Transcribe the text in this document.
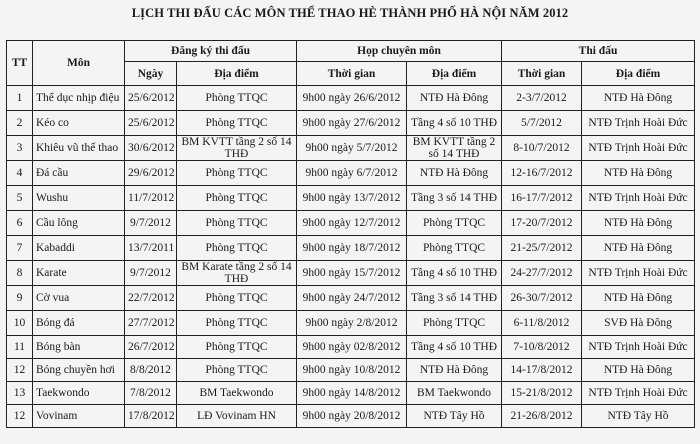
LỊCH THI ĐẤU CÁC MÔN THỂ THAO HÈ THÀNH PHỐ HÀ NỘI NĂM 2012
TT	Môn	Đăng ký thi đấu		Họp chuyên môn		Thi đấu	
		Ngày	Địa điểm	Thời gian	Địa điểm	Thời gian	Địa điểm
1	Thể dục nhịp điệu	25/6/2012	Phòng TTQC	9h00 ngày 26/6/2012	NTĐ Hà Đông	2-3/7/2012	NTĐ Hà Đông
2	Kéo co	25/6/2012	Phòng TTQC	9h00 ngày 27/6/2012	Tầng 4 số 10 THĐ	5/7/2012	NTĐ Trịnh Hoài Đức
3	Khiêu vũ thể thao	30/6/2012	BM KVTT tầng 2 số 14 THĐ	9h00 ngày 5/7/2012	BM KVTT tầng 2 số 14 THĐ	8-10/7/2012	NTĐ Trịnh Hoài Đức
4	Đá cầu	29/6/2012	Phòng TTQC	9h00 ngày 6/7/2012	NTĐ Hà Đông	12-16/7/2012	NTĐ Hà Đông
5	Wushu	11/7/2012	Phòng TTQC	9h00 ngày 13/7/2012	Tầng 3 số 14 THĐ	16-17/7/2012	NTĐ Trịnh Hoài Đức
6	Cầu lông	9/7/2012	Phòng TTQC	9h00 ngày 12/7/2012	Phòng TTQC	17-20/7/2012	NTĐ Hà Đông
7	Kabaddi	13/7/2011	Phòng TTQC	9h00 ngày 18/7/2012	Phòng TTQC	21-25/7/2012	NTĐ Hà Đông
8	Karate	9/7/2012	BM Karate tầng 2 số 14 THĐ	9h00 ngày 15/7/2012	Tầng 4 số 10 THĐ	24-27/7/2012	NTĐ Trịnh Hoài Đức
9	Cờ vua	22/7/2012	Phòng TTQC	9h00 ngày 24/7/2012	Tầng 3 số 14 THĐ	26-30/7/2012	NTĐ Hà Đông
10	Bóng đá	27/7/2012	Phòng TTQC	9h00 ngày 2/8/2012	Phòng TTQC	6-11/8/2012	SVĐ Hà Đông
11	Bóng bàn	26/7/2012	Phòng TTQC	9h00 ngày 02/8/2012	Tầng 4 số 10 THĐ	7-10/8/2012	NTĐ Trịnh Hoài Đức
12	Bóng chuyền hơi	8/8/2012	Phòng TTQC	9h00 ngày 10/8/2012	NTĐ Hà Đông	14-17/8/2012	NTĐ Hà Đông
13	Taekwondo	7/8/2012	BM Taekwondo	9h00 ngày 14/8/2012	BM Taekwondo	15-21/8/2012	NTĐ Trịnh Hoài Đức
12	Vovinam	17/8/2012	LĐ Vovinam HN	9h00 ngày 20/8/2012	NTĐ Tây Hồ	21-26/8/2012	NTĐ Tây Hồ
